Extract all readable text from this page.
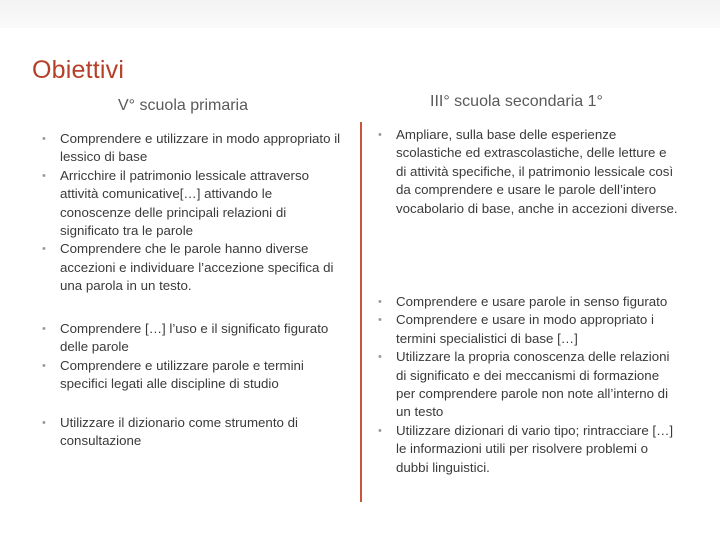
Obiettivi
V° scuola primaria	III° scuola secondaria 1°
• Comprendere e utilizzare in modo appropriato il lessico di base
• Arricchire il patrimonio lessicale attraverso attività comunicative[…] attivando le conoscenze delle principali relazioni di significato tra le parole
• Comprendere che le parole hanno diverse accezioni e individuare l’accezione specifica di una parola in un testo.
• Comprendere […] l’uso e il significato figurato delle parole
• Comprendere e utilizzare parole e termini specifici legati alle discipline di studio
• Utilizzare il dizionario come strumento di consultazione
• Ampliare, sulla base delle esperienze scolastiche ed extrascolastiche, delle letture e di attività specifiche, il patrimonio lessicale così da comprendere e usare le parole dell’intero vocabolario di base, anche in accezioni diverse.
• Comprendere e usare parole in senso figurato
• Comprendere e usare in modo appropriato i termini specialistici di base […]
• Utilizzare la propria conoscenza delle relazioni di significato e dei meccanismi di formazione per comprendere parole non note all’interno di un testo
• Utilizzare dizionari di vario tipo; rintracciare […] le informazioni utili per risolvere problemi o dubbi linguistici.
